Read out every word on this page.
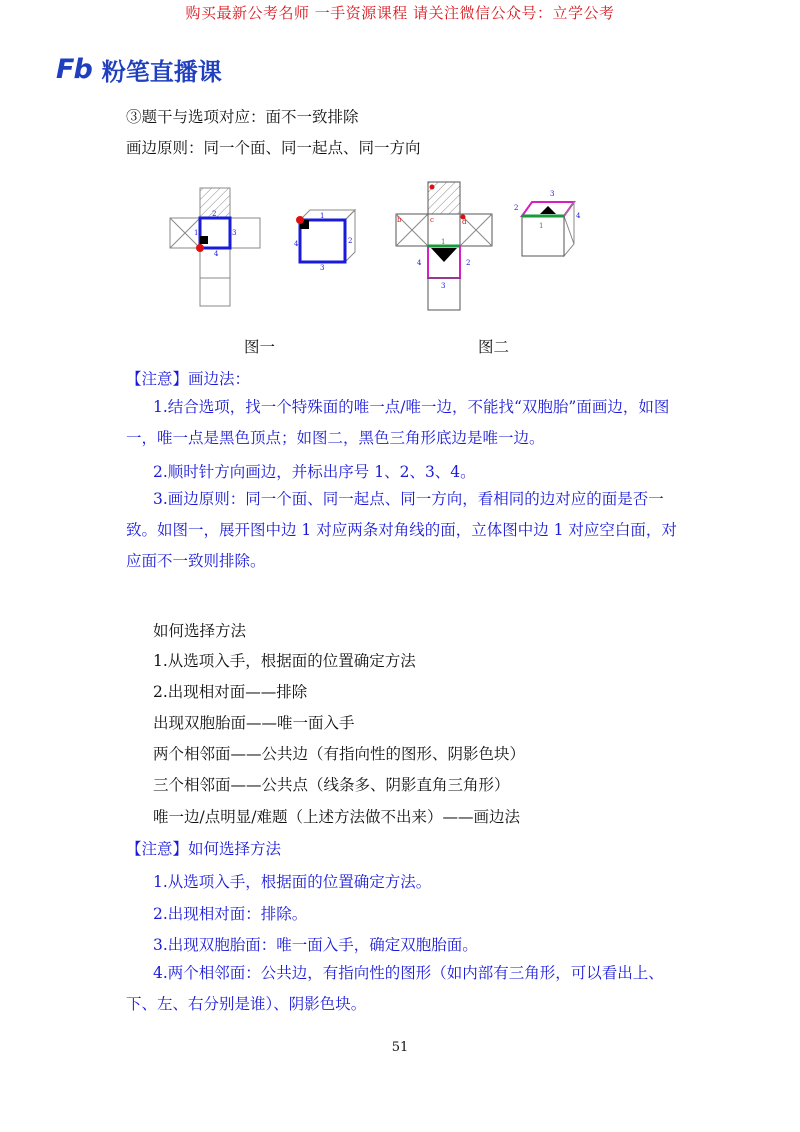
购买最新公考名师 一手资源课程 请关注微信公众号：立学公考
Fb 粉笔直播课
③题干与选项对应：面不一致排除
画边原则：同一个面、同一起点、同一方向
2
1	3
4
1
2
3
4
b	c	d
1
2
3
4
3
2
4
1
图一	图二
【注意】画边法：
1.结合选项，找一个特殊面的唯一点/唯一边，不能找“双胞胎”面画边，如图一，唯一点是黑色顶点；如图二，黑色三角形底边是唯一边。
2.顺时针方向画边，并标出序号 1、2、3、4。
3.画边原则：同一个面、同一起点、同一方向，看相同的边对应的面是否一致。如图一，展开图中边 1 对应两条对角线的面，立体图中边 1 对应空白面，对应面不一致则排除。
如何选择方法
1.从选项入手，根据面的位置确定方法
2.出现相对面——排除
出现双胞胎面——唯一面入手
两个相邻面——公共边（有指向性的图形、阴影色块）
三个相邻面——公共点（线条多、阴影直角三角形）
唯一边/点明显/难题（上述方法做不出来）——画边法
【注意】如何选择方法
1.从选项入手，根据面的位置确定方法。
2.出现相对面：排除。
3.出现双胞胎面：唯一面入手，确定双胞胎面。
4.两个相邻面：公共边，有指向性的图形（如内部有三角形，可以看出上、下、左、右分别是谁）、阴影色块。
51
